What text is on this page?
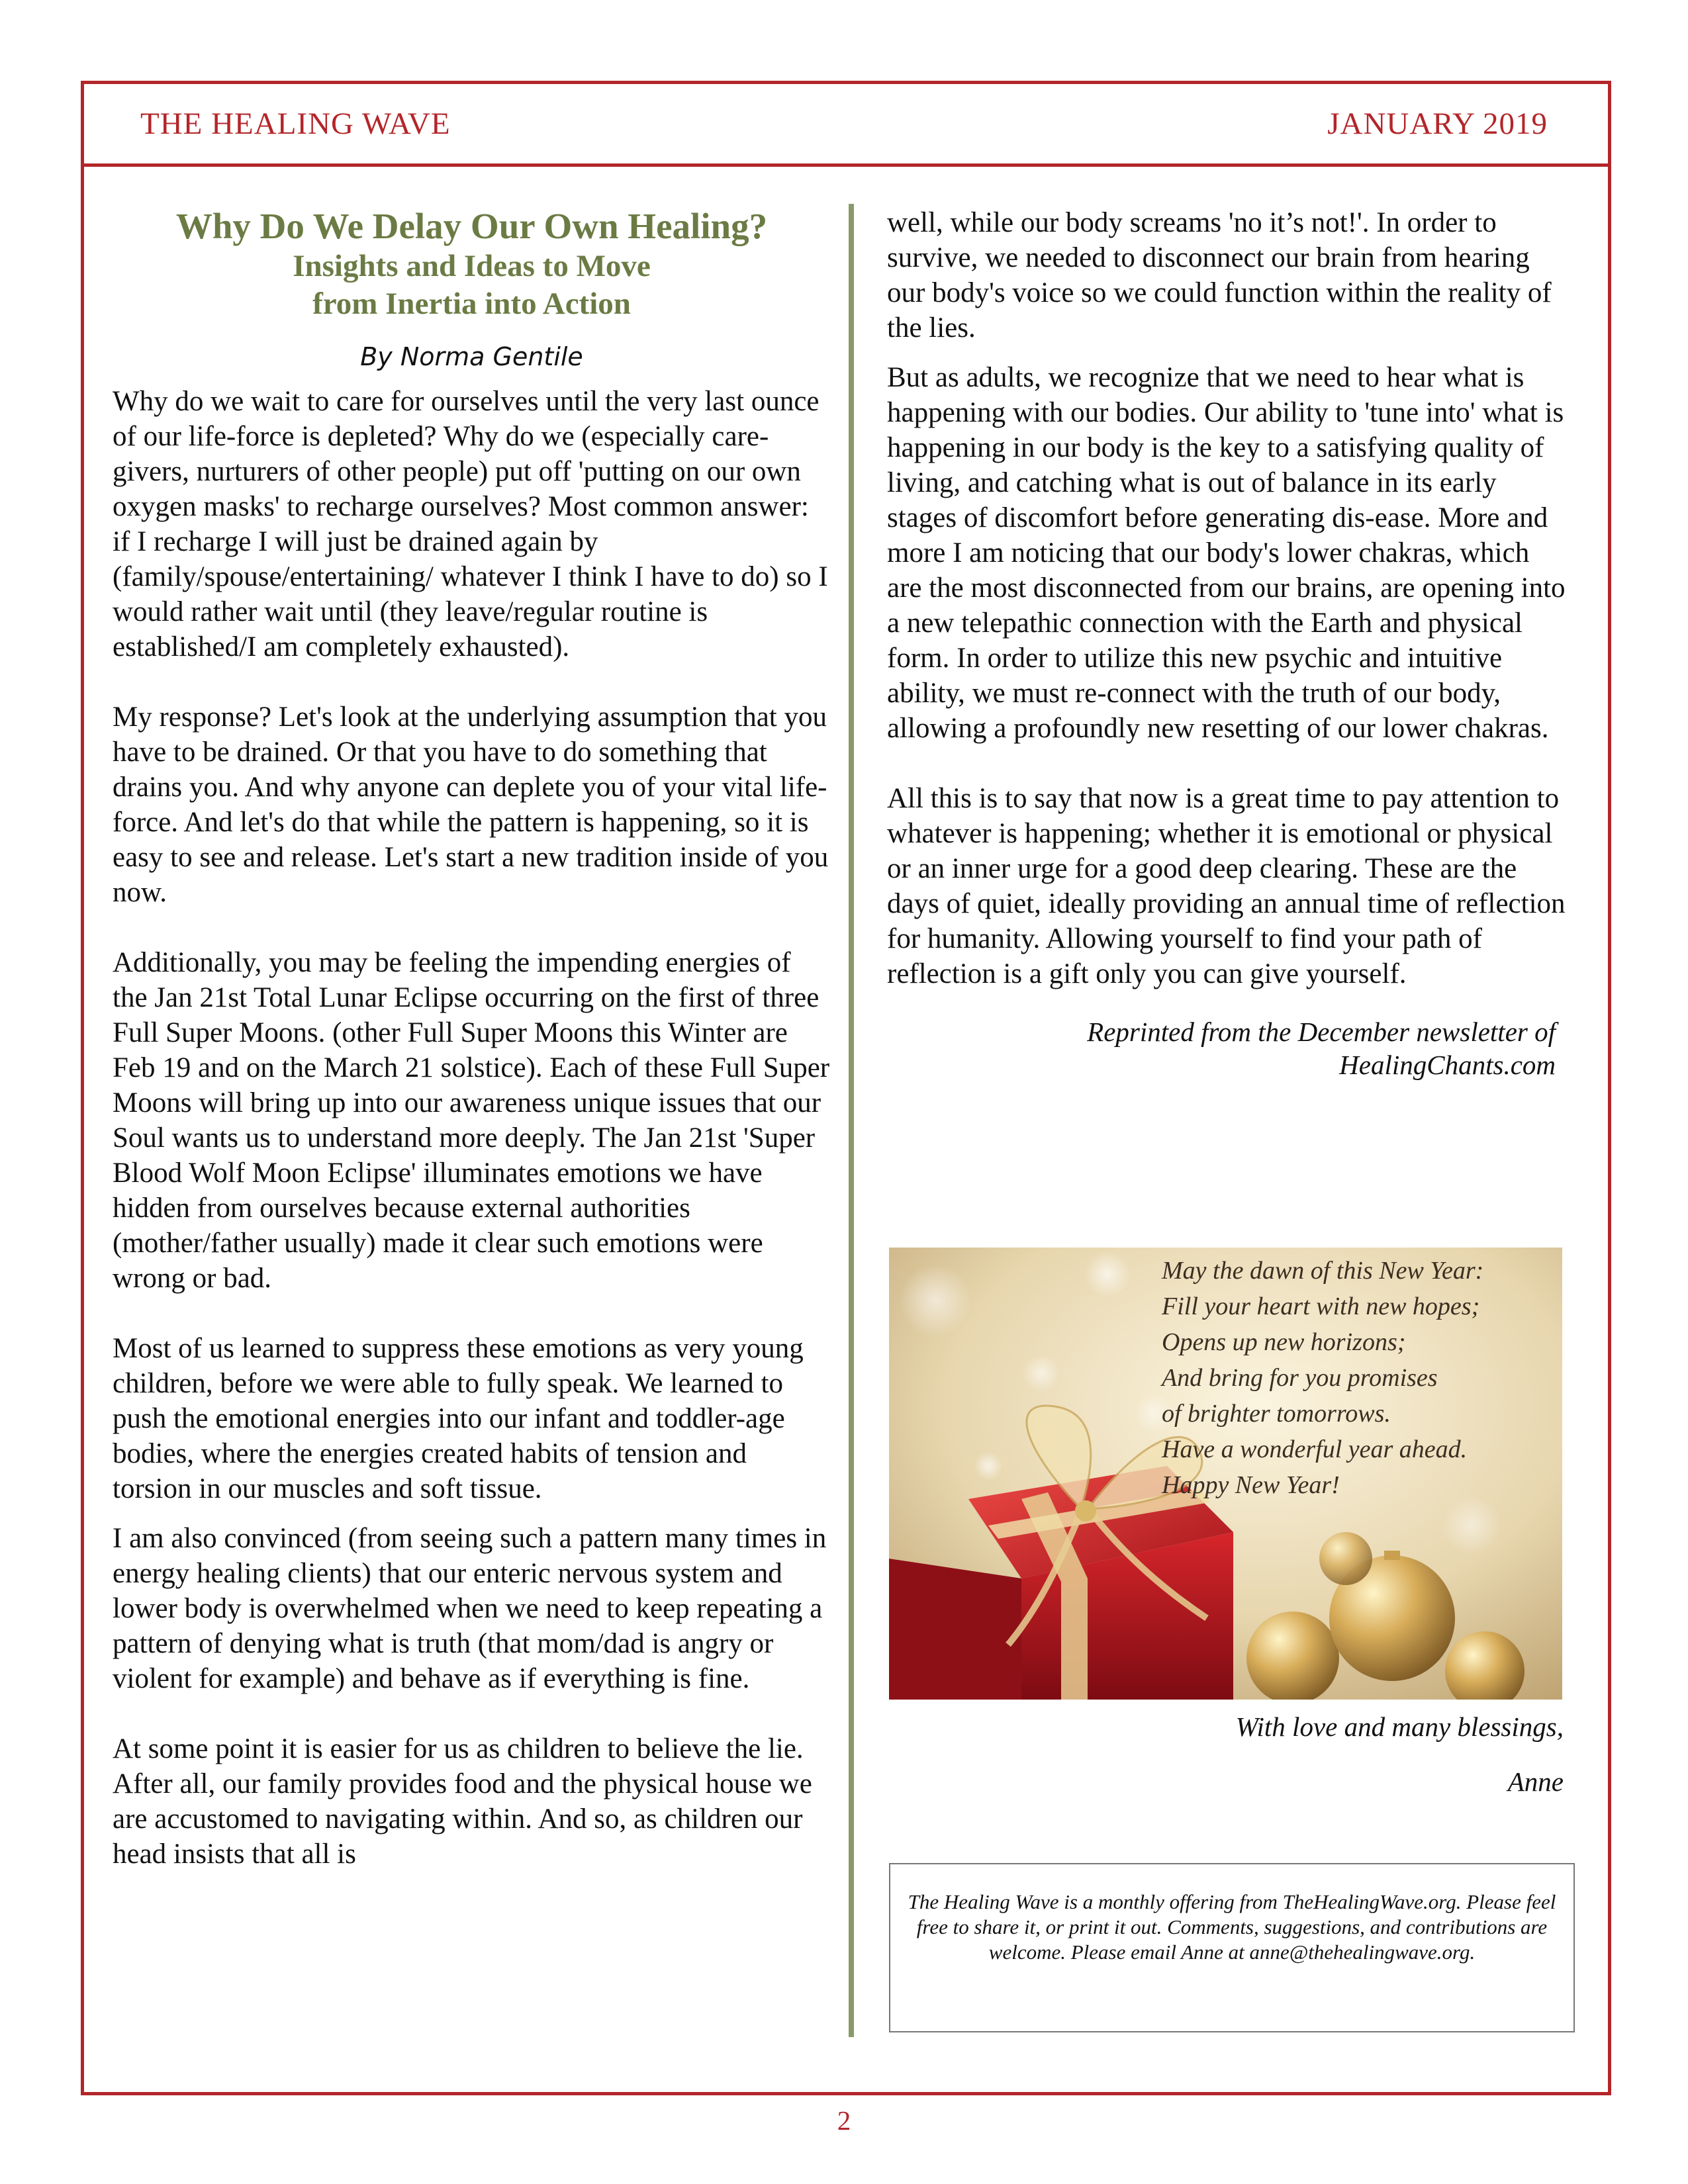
THE HEALING WAVE	JANUARY 2019

Why Do We Delay Our Own Healing?

Insights and Ideas to Move

from Inertia into Action

By Norma Gentile

Why do we wait to care for ourselves until the very last ounce of our life-force is depleted? Why do we (especially care-givers, nurturers of other people) put off 'putting on our own oxygen masks' to recharge ourselves? Most common answer: if I recharge I will just be drained again by (family/spouse/entertaining/ whatever I think I have to do) so I would rather wait until (they leave/regular routine is established/I am completely exhausted).

My response? Let's look at the underlying assumption that you have to be drained. Or that you have to do something that drains you. And why anyone can deplete you of your vital life-force. And let's do that while the pattern is happening, so it is easy to see and release. Let's start a new tradition inside of you now.

Additionally, you may be feeling the impending energies of the Jan 21st Total Lunar Eclipse occurring on the first of three Full Super Moons. (other Full Super Moons this Winter are Feb 19 and on the March 21 solstice). Each of these Full Super Moons will bring up into our awareness unique issues that our Soul wants us to understand more deeply. The Jan 21st 'Super Blood Wolf Moon Eclipse' illuminates emotions we have hidden from ourselves because external authorities (mother/father usually) made it clear such emotions were wrong or bad.

Most of us learned to suppress these emotions as very young children, before we were able to fully speak. We learned to push the emotional energies into our infant and toddler-age bodies, where the energies created habits of tension and torsion in our muscles and soft tissue.

I am also convinced (from seeing such a pattern many times in energy healing clients) that our enteric nervous system and lower body is overwhelmed when we need to keep repeating a pattern of denying what is truth (that mom/dad is angry or violent for example) and behave as if everything is fine.

At some point it is easier for us as children to believe the lie. After all, our family provides food and the physical house we are accustomed to navigating within. And so, as children our head insists that all is

well, while our body screams 'no it’s not!'. In order to survive, we needed to disconnect our brain from hearing our body's voice so we could function within the reality of the lies.

But as adults, we recognize that we need to hear what is happening with our bodies. Our ability to 'tune into' what is happening in our body is the key to a satisfying quality of living, and catching what is out of balance in its early stages of discomfort before generating dis-ease. More and more I am noticing that our body's lower chakras, which are the most disconnected from our brains, are opening into a new telepathic connection with the Earth and physical form. In order to utilize this new psychic and intuitive ability, we must re-connect with the truth of our body, allowing a profoundly new resetting of our lower chakras.

All this is to say that now is a great time to pay attention to whatever is happening; whether it is emotional or physical or an inner urge for a good deep clearing. These are the days of quiet, ideally providing an annual time of reflection for humanity. Allowing yourself to find your path of reflection is a gift only you can give yourself.

Reprinted from the December newsletter of
HealingChants.com
May the dawn of this New Year:
Fill your heart with new hopes;
Opens up new horizons;
And bring for you promises
of brighter tomorrows.
Have a wonderful year ahead.
Happy New Year!
With love and many blessings,
Anne
The Healing Wave is a monthly offering from TheHealingWave.org. Please feel free to share it, or print it out. Comments, suggestions, and contributions are welcome. Please email Anne at anne@thehealingwave.org.
2
